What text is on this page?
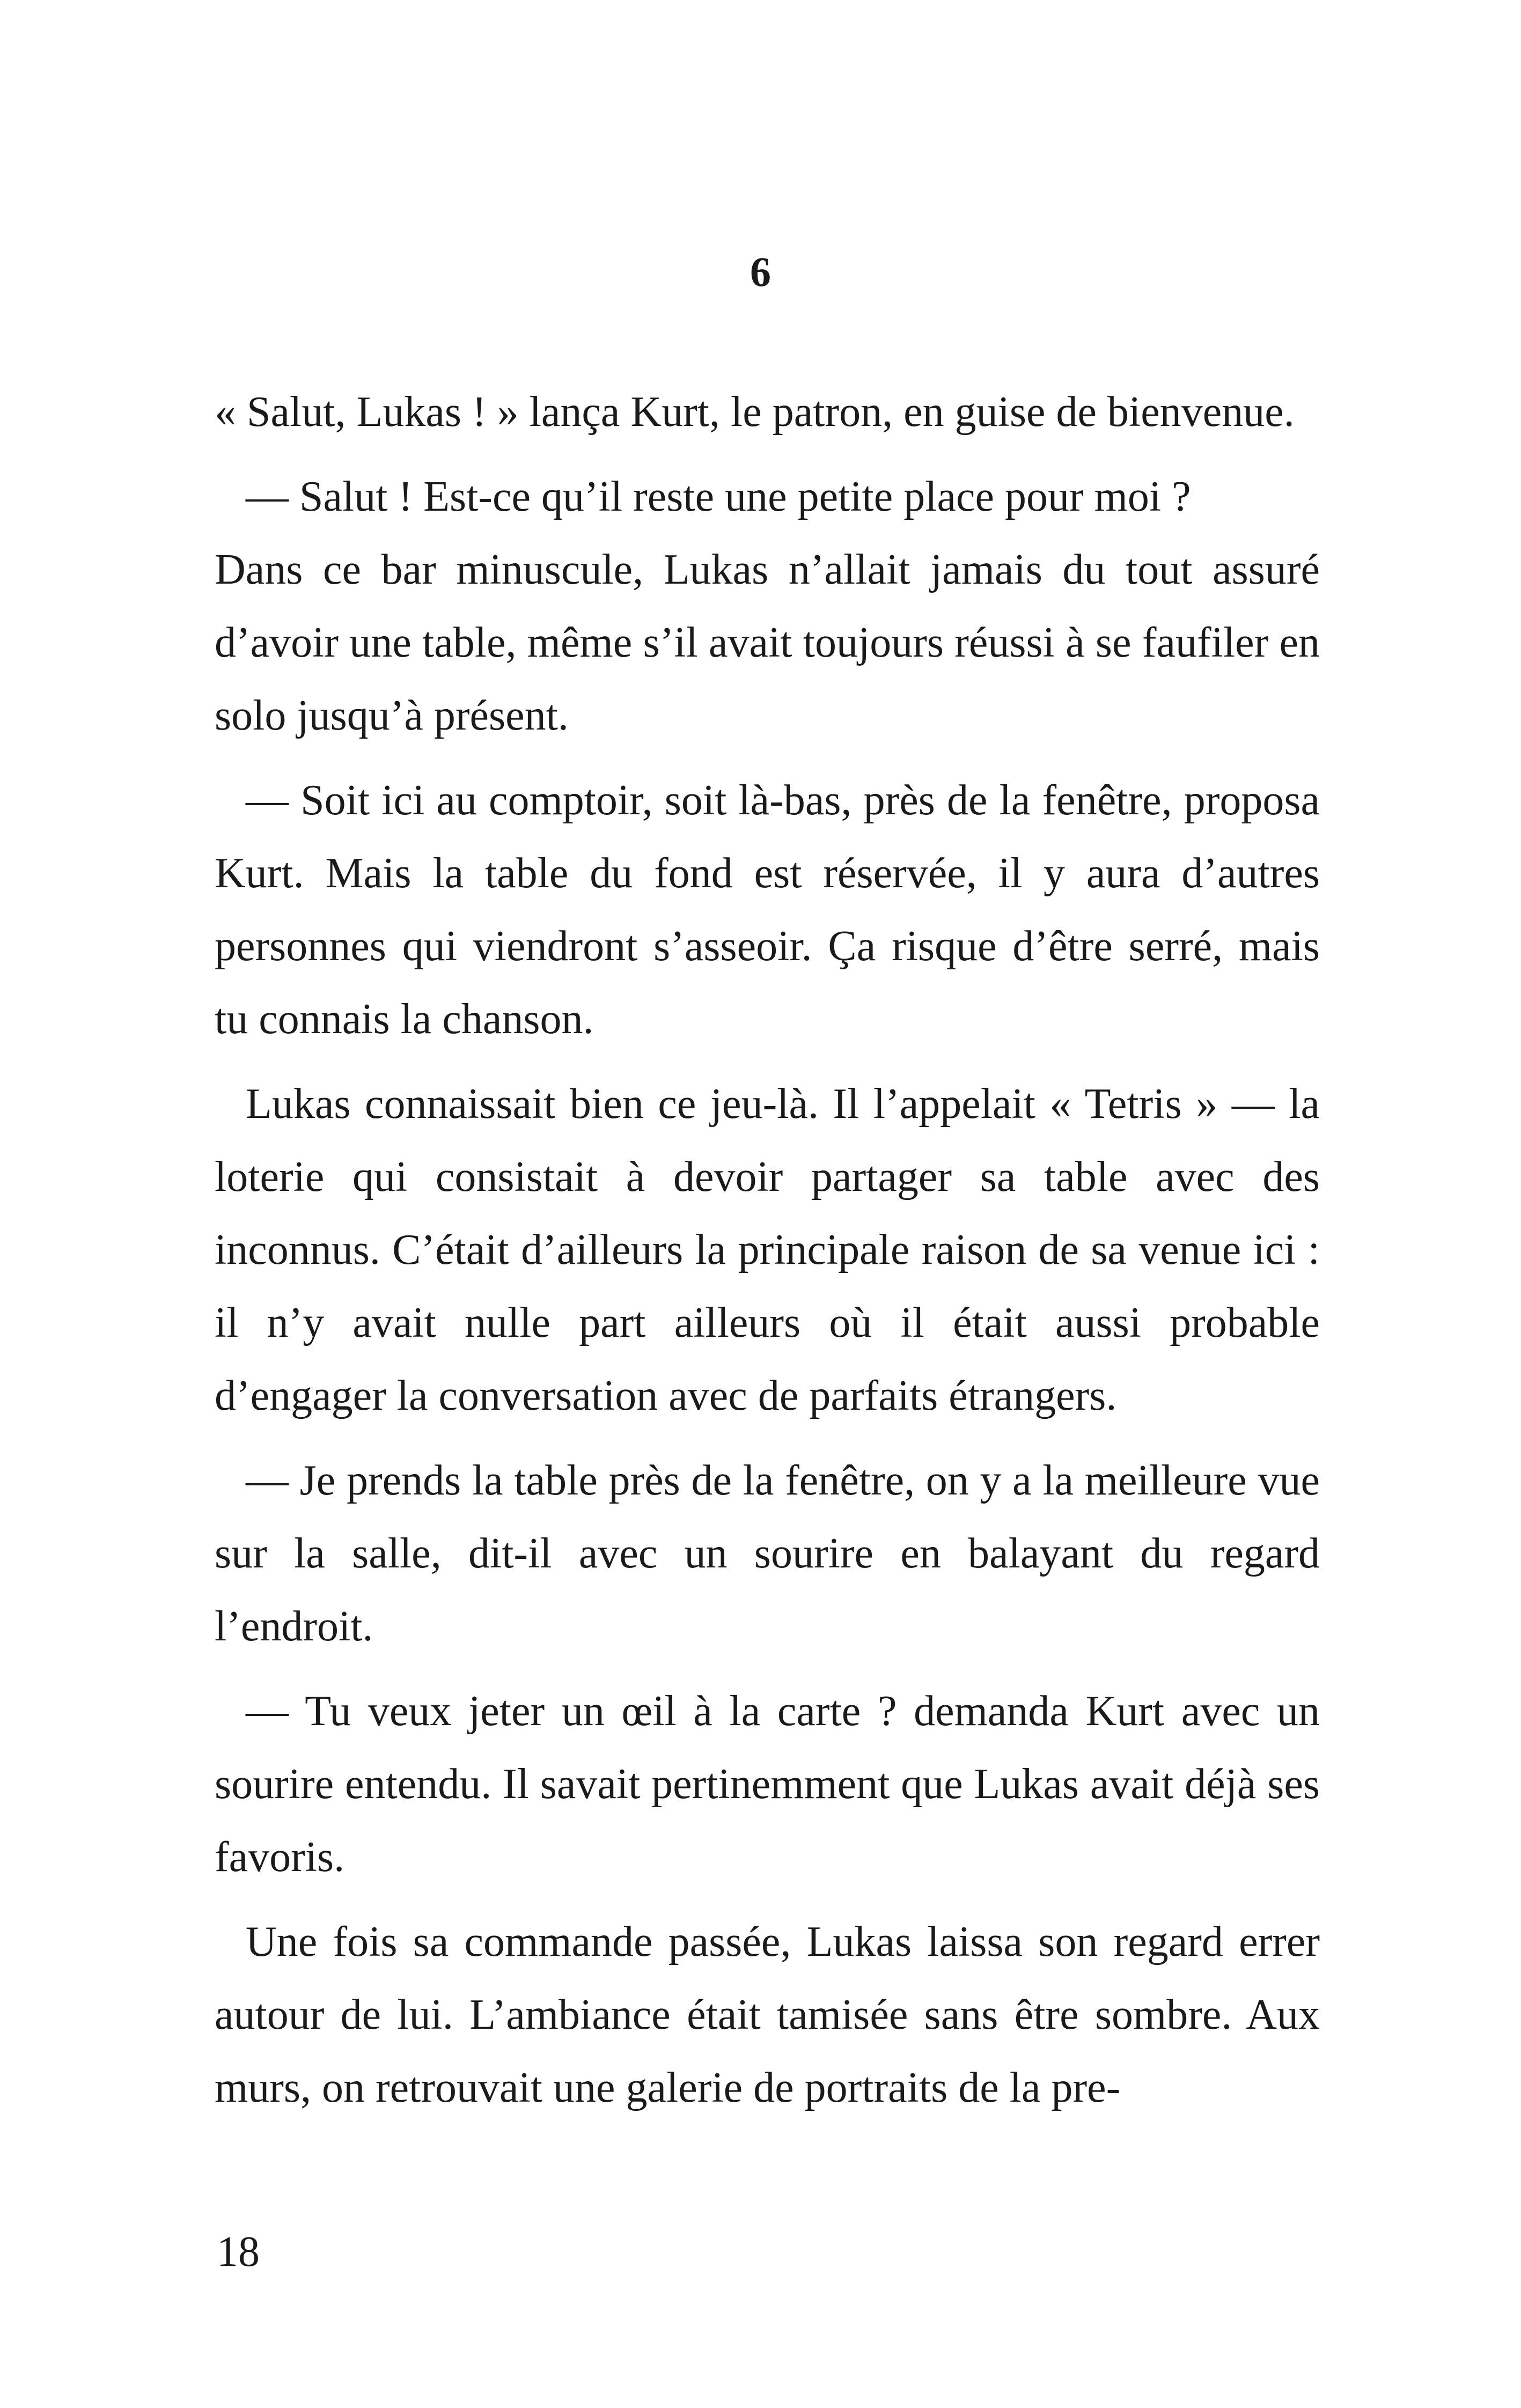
6

« Salut, Lukas ! » lança Kurt, le patron, en guise de bienvenue.

— Salut ! Est-ce qu’il reste une petite place pour moi ?

Dans ce bar minuscule, Lukas n’allait jamais du tout assuré d’avoir une table, même s’il avait toujours réussi à se faufiler en solo jusqu’à présent.

— Soit ici au comptoir, soit là-bas, près de la fenêtre, proposa Kurt. Mais la table du fond est réservée, il y aura d’autres personnes qui viendront s’asseoir. Ça risque d’être serré, mais tu connais la chanson.

Lukas connaissait bien ce jeu-là. Il l’appelait « Tetris » — la loterie qui consistait à devoir partager sa table avec des inconnus. C’était d’ailleurs la principale raison de sa venue ici : il n’y avait nulle part ailleurs où il était aussi probable d’engager la conversation avec de parfaits étrangers.

— Je prends la table près de la fenêtre, on y a la meilleure vue sur la salle, dit-il avec un sourire en balayant du regard l’endroit.

— Tu veux jeter un œil à la carte ? demanda Kurt avec un sourire entendu. Il savait pertinemment que Lukas avait déjà ses favoris.

Une fois sa commande passée, Lukas laissa son regard errer autour de lui. L’ambiance était tamisée sans être sombre. Aux murs, on retrouvait une galerie de portraits de la pre-

18
